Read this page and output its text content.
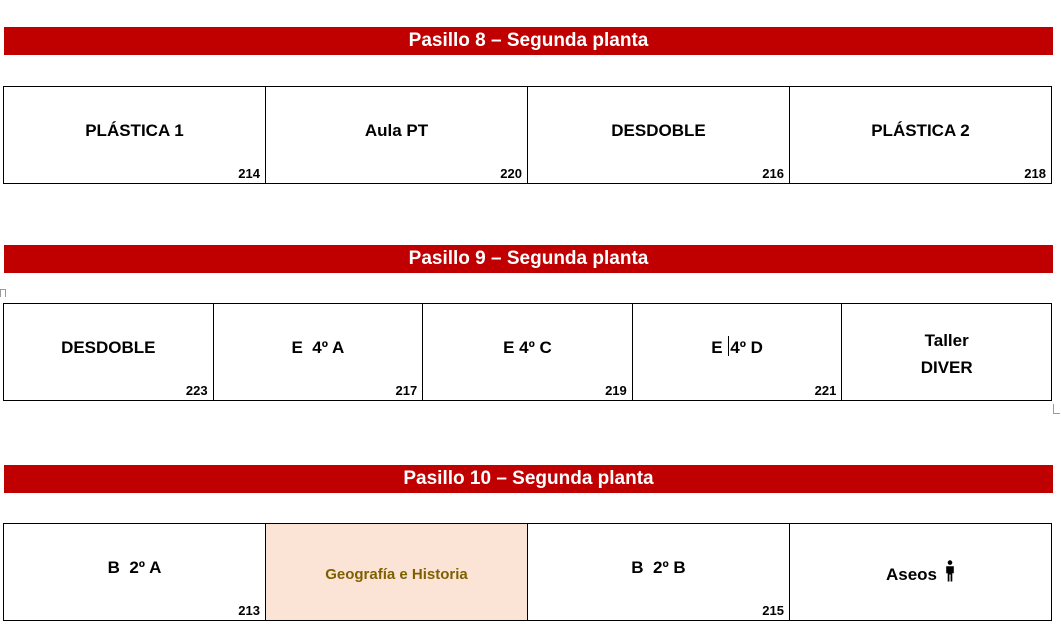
Pasillo 8 – Segunda planta
PLÁSTICA 1
214
Aula PT
220
DESDOBLE
216
PLÁSTICA 2
218
Pasillo 9 – Segunda planta
DESDOBLE
223
E  4º A
217
E 4º C
219
E 4º D
221
Taller
DIVER
Pasillo 10 – Segunda planta
B  2º A
213
Geografía e Historia	B  2º B
215
Aseos
